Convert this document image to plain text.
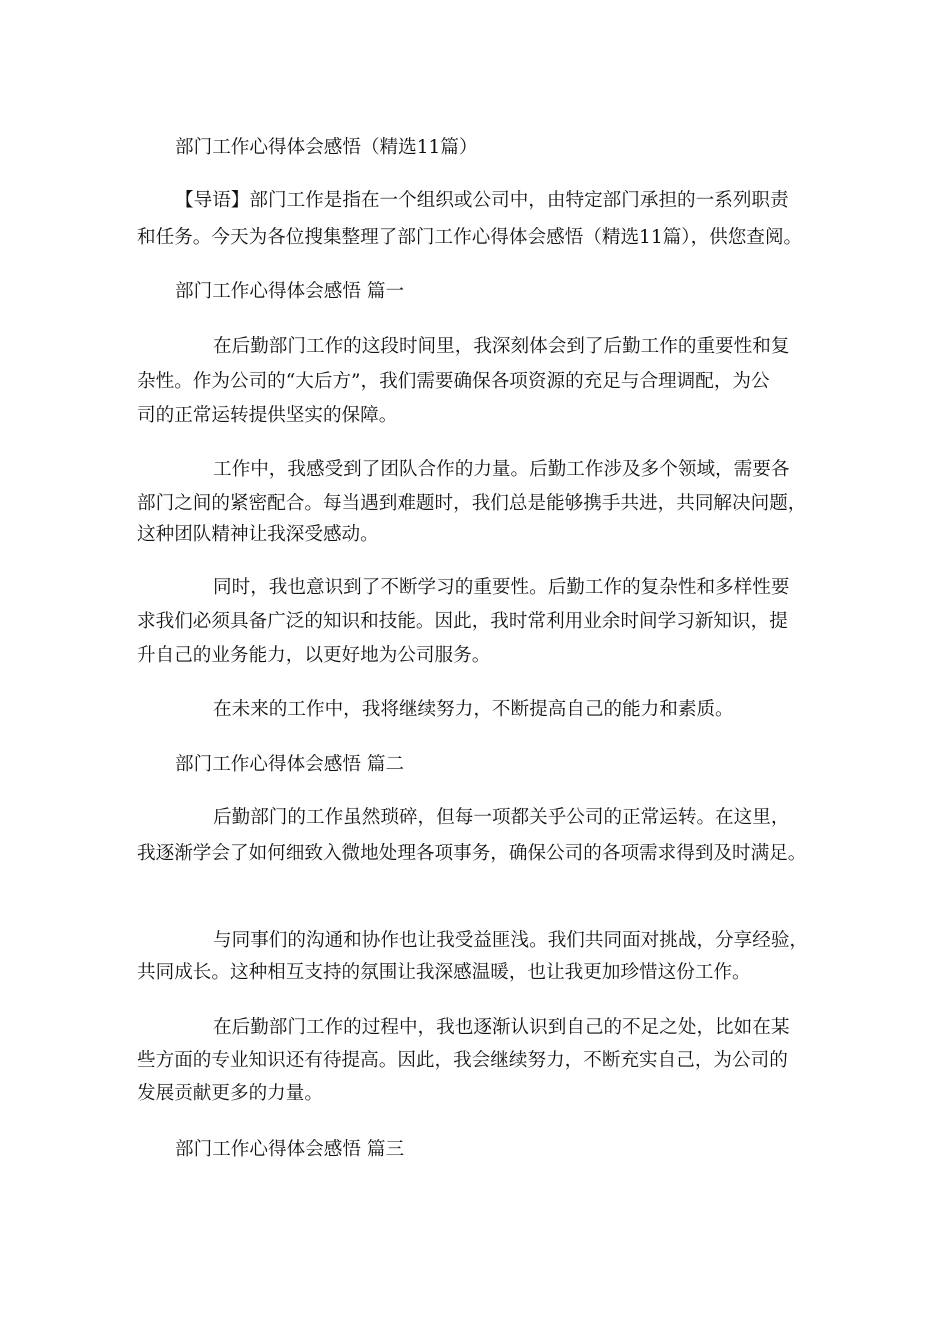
部门工作心得体会感悟（精选11篇）
【导语】部门工作是指在一个组织或公司中，由特定部门承担的一系列职责
和任务。今天为各位搜集整理了部门工作心得体会感悟（精选11篇），供您查阅。
部门工作心得体会感悟 篇一
在后勤部门工作的这段时间里，我深刻体会到了后勤工作的重要性和复
杂性。作为公司的“大后方”，我们需要确保各项资源的充足与合理调配，为公
司的正常运转提供坚实的保障。
工作中，我感受到了团队合作的力量。后勤工作涉及多个领域，需要各
部门之间的紧密配合。每当遇到难题时，我们总是能够携手共进，共同解决问题，
这种团队精神让我深受感动。
同时，我也意识到了不断学习的重要性。后勤工作的复杂性和多样性要
求我们必须具备广泛的知识和技能。因此，我时常利用业余时间学习新知识，提
升自己的业务能力，以更好地为公司服务。
在未来的工作中，我将继续努力，不断提高自己的能力和素质。
部门工作心得体会感悟 篇二
后勤部门的工作虽然琐碎，但每一项都关乎公司的正常运转。在这里，
我逐渐学会了如何细致入微地处理各项事务，确保公司的各项需求得到及时满足。
与同事们的沟通和协作也让我受益匪浅。我们共同面对挑战，分享经验，
共同成长。这种相互支持的氛围让我深感温暖，也让我更加珍惜这份工作。
在后勤部门工作的过程中，我也逐渐认识到自己的不足之处，比如在某
些方面的专业知识还有待提高。因此，我会继续努力，不断充实自己，为公司的
发展贡献更多的力量。
部门工作心得体会感悟 篇三
